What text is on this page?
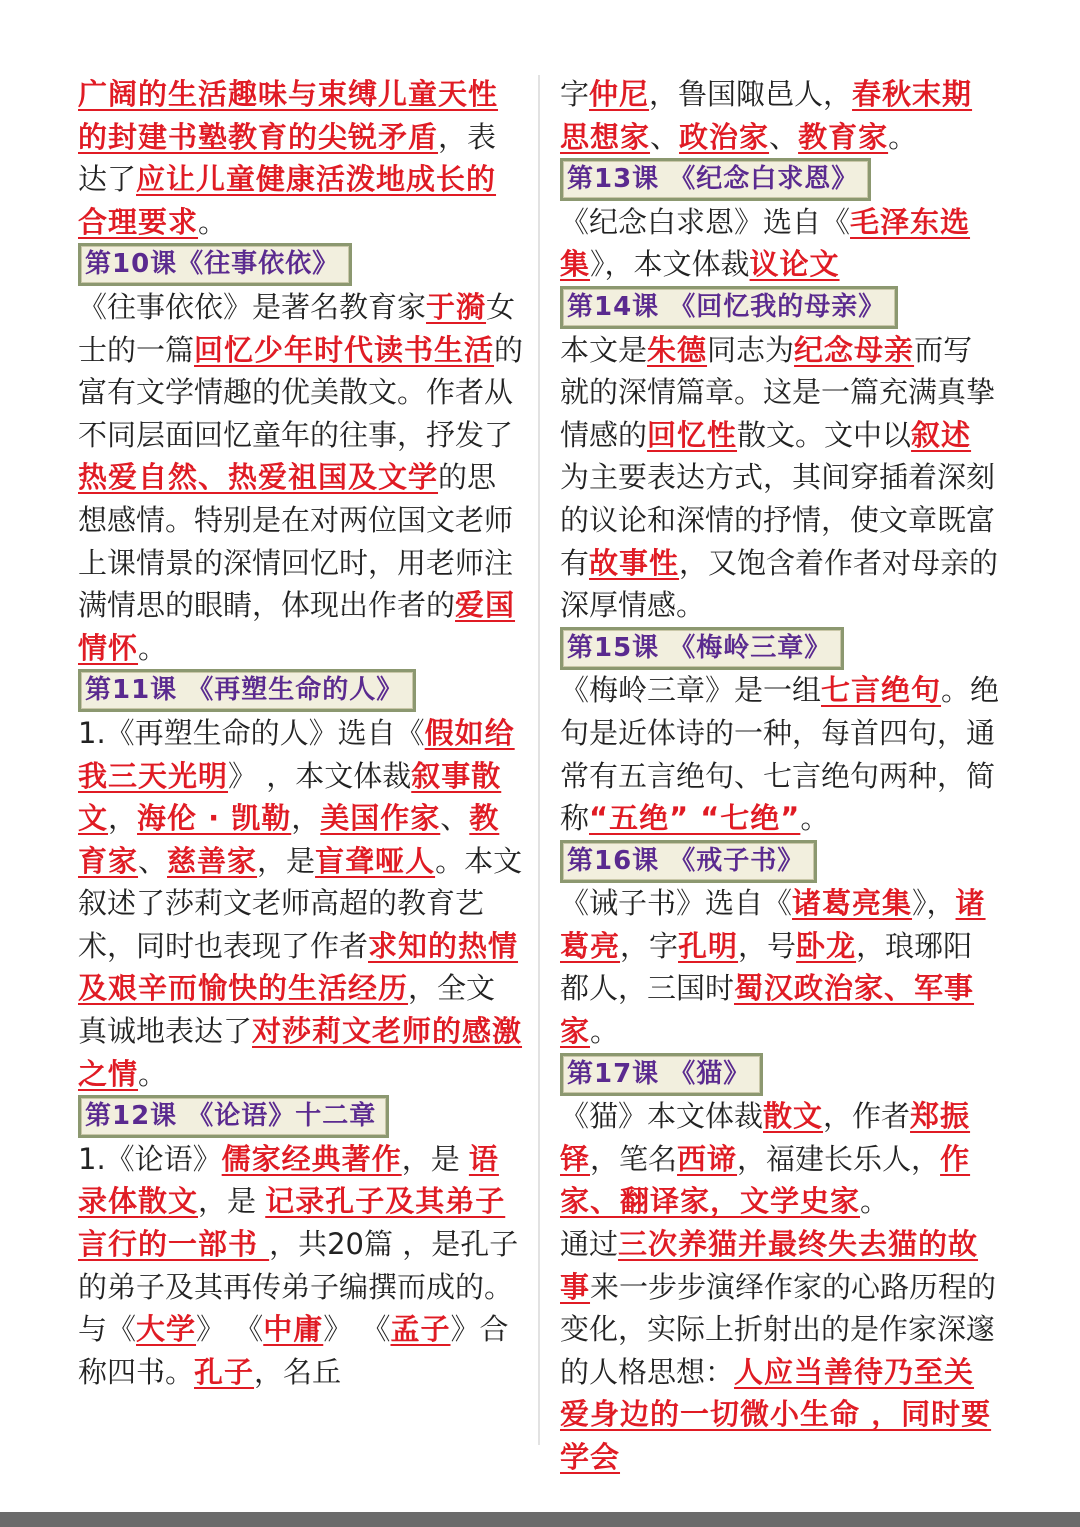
广阔的生活趣味与束缚儿童天性的封建书塾教育的尖锐矛盾，表达了应让儿童健康活泼地成长的合理要求。
第10课《往事依依》
《往事依依》是著名教育家于漪女士的一篇回忆少年时代读书生活的富有文学情趣的优美散文。作者从不同层面回忆童年的往事，抒发了热爱自然、热爱祖国及文学的思想感情。特别是在对两位国文老师上课情景的深情回忆时，用老师注满情思的眼睛，体现出作者的爱国情怀。
第11课 《再塑生命的人》
1.《再塑生命的人》选自《假如给我三天光明》 ，本文体裁叙事散文，海伦 · 凯勒，美国作家、教育家、慈善家，是盲聋哑人。本文叙述了莎莉文老师高超的教育艺术，同时也表现了作者求知的热情及艰辛而愉快的生活经历，全文真诚地表达了对莎莉文老师的感激之情。
第12课 《论语》十二章
1.《论语》儒家经典著作，是 语录体散文，是 记录孔子及其弟子言行的一部书 ，共20篇 ，是孔子的弟子及其再传弟子编撰而成的。与《大学》 《中庸》 《孟子》合称四书。孔子，名丘
字仲尼，鲁国陬邑人，春秋末期思想家、政治家、教育家。
第13课 《纪念白求恩》
《纪念白求恩》选自《毛泽东选集》，本文体裁议论文
第14课 《回忆我的母亲》
本文是朱德同志为纪念母亲而写就的深情篇章。这是一篇充满真挚情感的回忆性散文。文中以叙述为主要表达方式，其间穿插着深刻的议论和深情的抒情，使文章既富有故事性，又饱含着作者对母亲的深厚情感。
第15课 《梅岭三章》
《梅岭三章》是一组七言绝句。绝句是近体诗的一种，每首四句，通常有五言绝句、七言绝句两种，简称“五绝” “七绝”。
第16课 《戒子书》
《诫子书》选自《诸葛亮集》，诸葛亮，字孔明，号卧龙，琅琊阳都人，三国时蜀汉政治家、军事家。
第17课 《猫》
《猫》本文体裁散文，作者郑振铎，笔名西谛，福建长乐人，作家、翻译家，文学史家。
通过三次养猫并最终失去猫的故事来一步步演绎作家的心路历程的变化，实际上折射出的是作家深邃的人格思想：人应当善待乃至关爱身边的一切微小生命 ，同时要学会
